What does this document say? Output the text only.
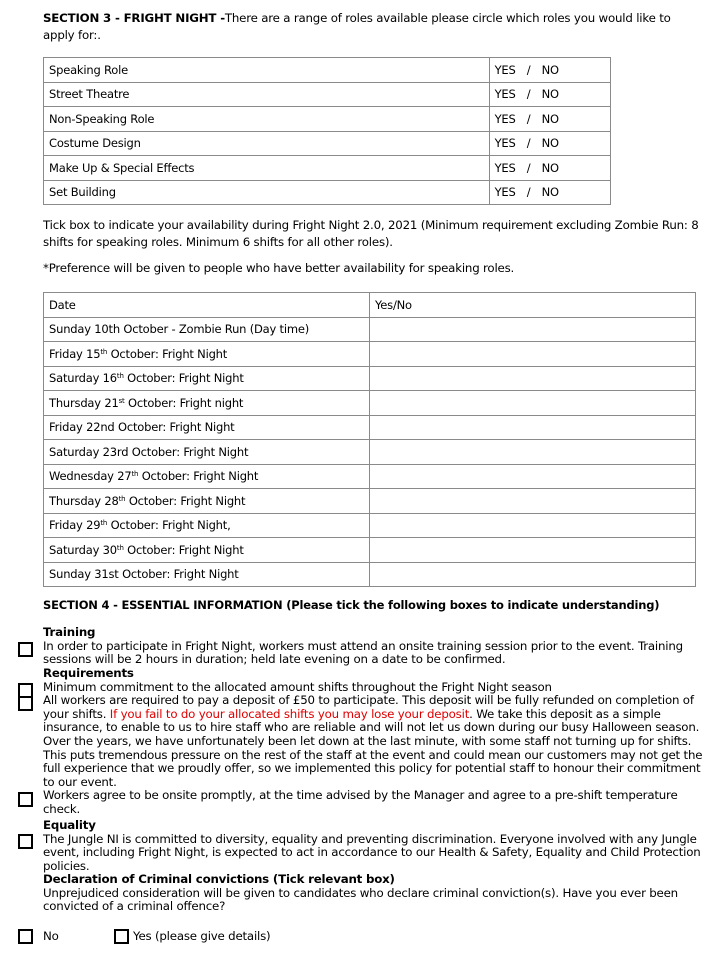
SECTION 3 - FRIGHT NIGHT -There are a range of roles available please circle which roles you would like to apply for:.
Speaking Role	YES / NO
Street Theatre	YES / NO
Non-Speaking Role	YES / NO
Costume Design	YES / NO
Make Up & Special Effects	YES / NO
Set Building	YES / NO
Tick box to indicate your availability during Fright Night 2.0, 2021 (Minimum requirement excluding Zombie Run: 8 shifts for speaking roles. Minimum 6 shifts for all other roles).
*Preference will be given to people who have better availability for speaking roles.
Date	Yes/No
Sunday 10th October - Zombie Run (Day time)	
Friday 15th October: Fright Night	
Saturday 16th October: Fright Night	
Thursday 21st October: Fright night	
Friday 22nd October: Fright Night	
Saturday 23rd October: Fright Night	
Wednesday 27th October: Fright Night	
Thursday 28th October: Fright Night	
Friday 29th October: Fright Night,	
Saturday 30th October: Fright Night	
Sunday 31st October: Fright Night	
SECTION 4 - ESSENTIAL INFORMATION (Please tick the following boxes to indicate understanding)
Training
In order to participate in Fright Night, workers must attend an onsite training session prior to the event. Training sessions will be 2 hours in duration; held late evening on a date to be confirmed.
Requirements
Minimum commitment to the allocated amount shifts throughout the Fright Night season
All workers are required to pay a deposit of £50 to participate. This deposit will be fully refunded on completion of your shifts. If you fail to do your allocated shifts you may lose your deposit. We take this deposit as a simple insurance, to enable to us to hire staff who are reliable and will not let us down during our busy Halloween season. Over the years, we have unfortunately been let down at the last minute, with some staff not turning up for shifts. This puts tremendous pressure on the rest of the staff at the event and could mean our customers may not get the full experience that we proudly offer, so we implemented this policy for potential staff to honour their commitment to our event.
Workers agree to be onsite promptly, at the time advised by the Manager and agree to a pre-shift temperature check.
Equality
The Jungle NI is committed to diversity, equality and preventing discrimination. Everyone involved with any Jungle event, including Fright Night, is expected to act in accordance to our Health & Safety, Equality and Child Protection policies.
Declaration of Criminal convictions (Tick relevant box)
Unprejudiced consideration will be given to candidates who declare criminal conviction(s). Have you ever been convicted of a criminal offence?
No	Yes (please give details)
